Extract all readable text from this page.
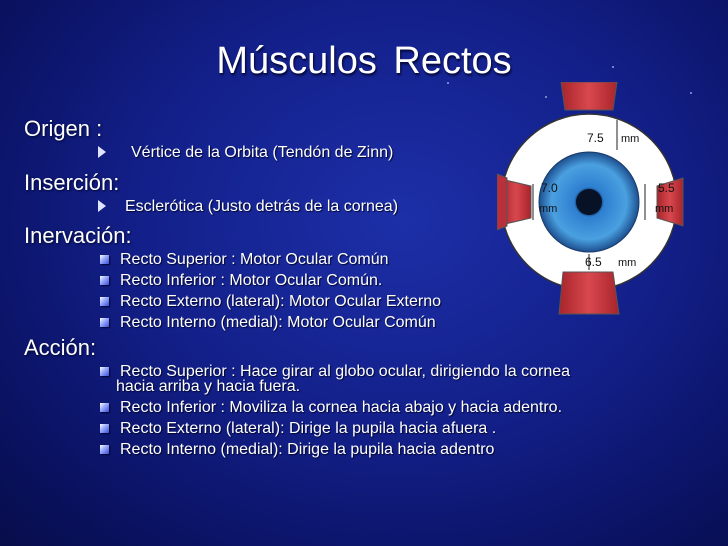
Músculos Rectos
Origen :
Vértice de la Orbita (Tendón de Zinn)
Inserción:
Esclerótica (Justo detrás de la cornea)
Inervación:
Recto Superior : Motor Ocular Común
Recto Inferior : Motor Ocular Común.
Recto Externo (lateral): Motor Ocular Externo
Recto Interno (medial): Motor Ocular Común
Acción:
Recto Superior : Hace girar al globo ocular, dirigiendo la cornea
hacia arriba y hacia fuera.
Recto Inferior : Moviliza la cornea hacia abajo y hacia adentro.
Recto Externo (lateral): Dirige la pupila hacia afuera .
Recto Interno (medial): Dirige la pupila hacia adentro
7.5 mm
7.0
mm
5.5
mm
6.5 mm
